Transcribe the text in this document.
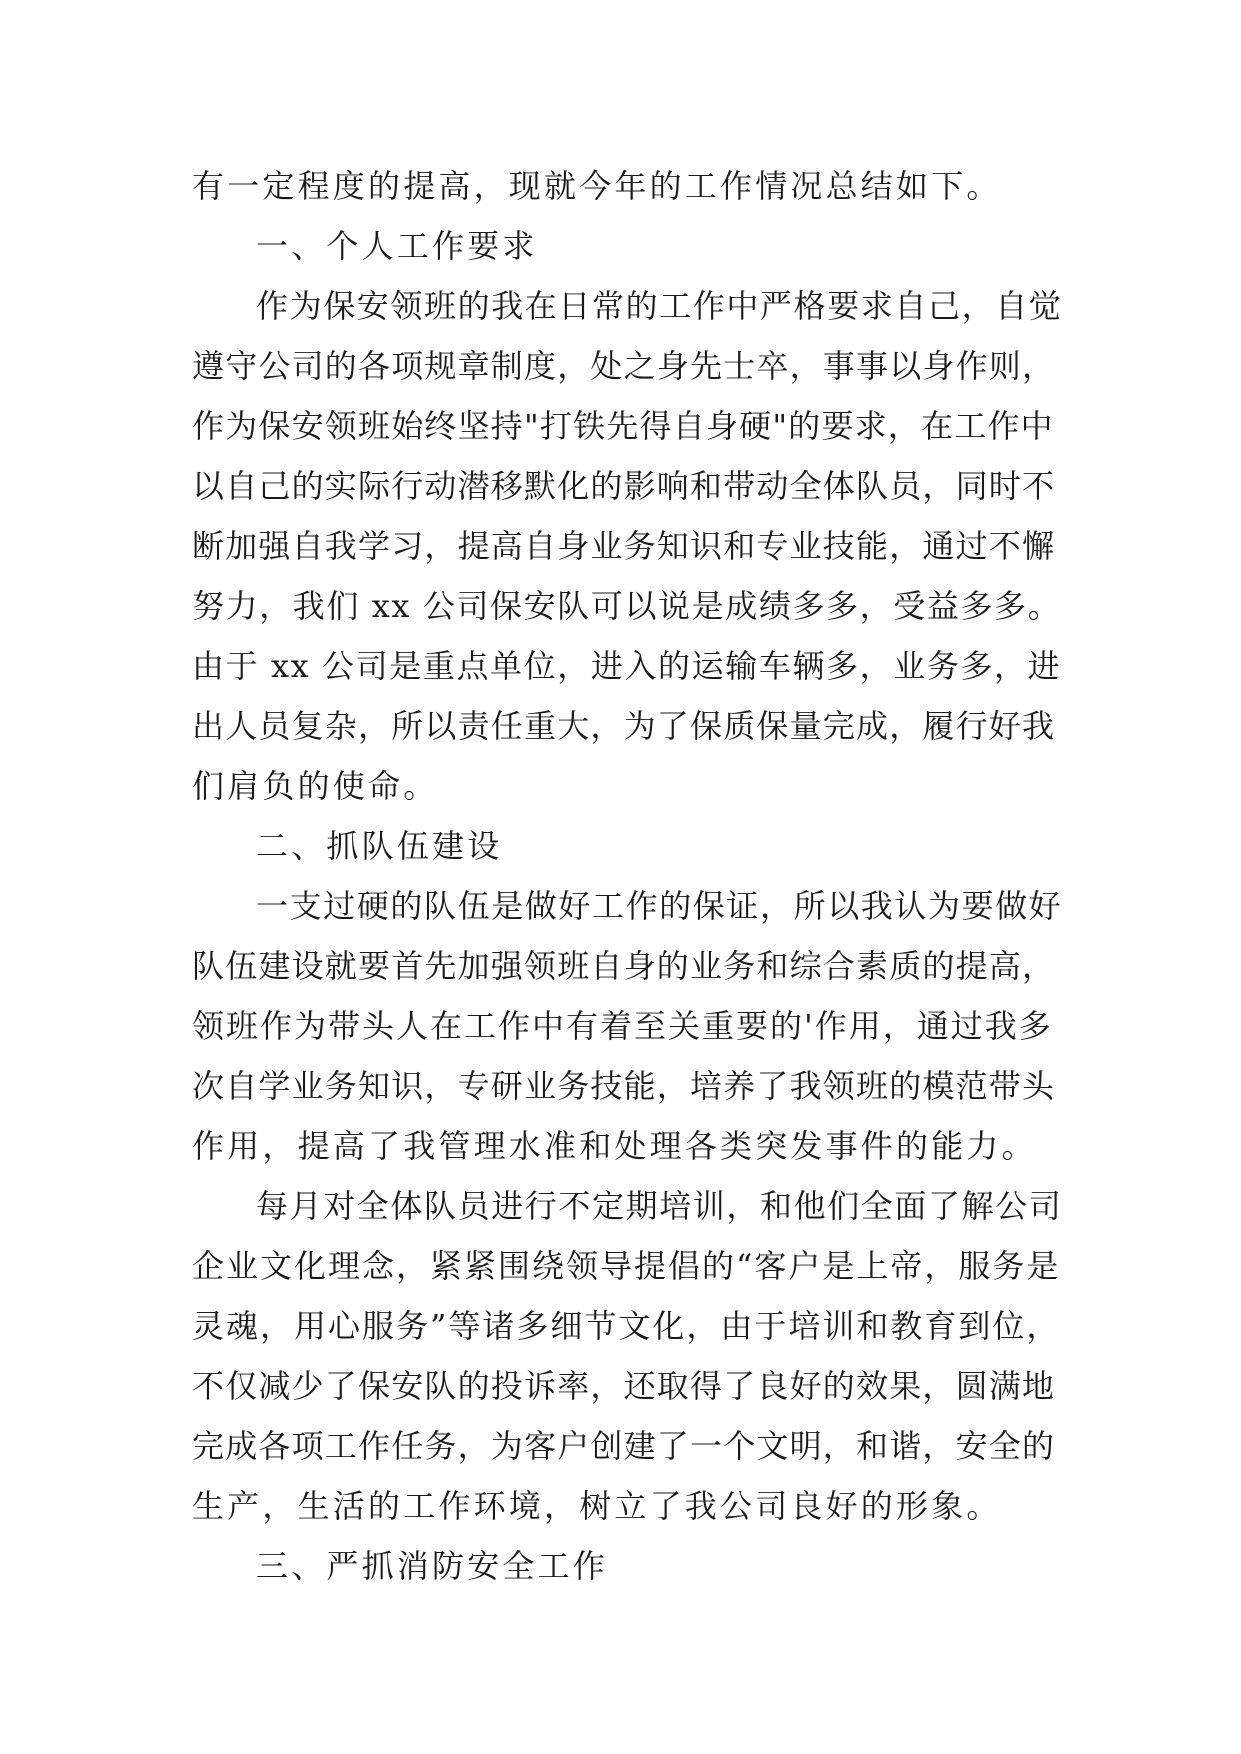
有一定程度的提高，现就今年的工作情况总结如下。
一、个人工作要求
作为保安领班的我在日常的工作中严格要求自己，自觉
遵守公司的各项规章制度，处之身先士卒，事事以身作则，
作为保安领班始终坚持"打铁先得自身硬"的要求，在工作中
以自己的实际行动潜移默化的影响和带动全体队员，同时不
断加强自我学习，提高自身业务知识和专业技能，通过不懈
努力，我们 xx 公司保安队可以说是成绩多多，受益多多。
由于 xx 公司是重点单位，进入的运输车辆多，业务多，进
出人员复杂，所以责任重大，为了保质保量完成，履行好我
们肩负的使命。
二、抓队伍建设
一支过硬的队伍是做好工作的保证，所以我认为要做好
队伍建设就要首先加强领班自身的业务和综合素质的提高，
领班作为带头人在工作中有着至关重要的'作用，通过我多
次自学业务知识，专研业务技能，培养了我领班的模范带头
作用，提高了我管理水准和处理各类突发事件的能力。
每月对全体队员进行不定期培训，和他们全面了解公司
企业文化理念，紧紧围绕领导提倡的“客户是上帝，服务是
灵魂，用心服务”等诸多细节文化，由于培训和教育到位，
不仅减少了保安队的投诉率，还取得了良好的效果，圆满地
完成各项工作任务，为客户创建了一个文明，和谐，安全的
生产，生活的工作环境，树立了我公司良好的形象。
三、严抓消防安全工作
